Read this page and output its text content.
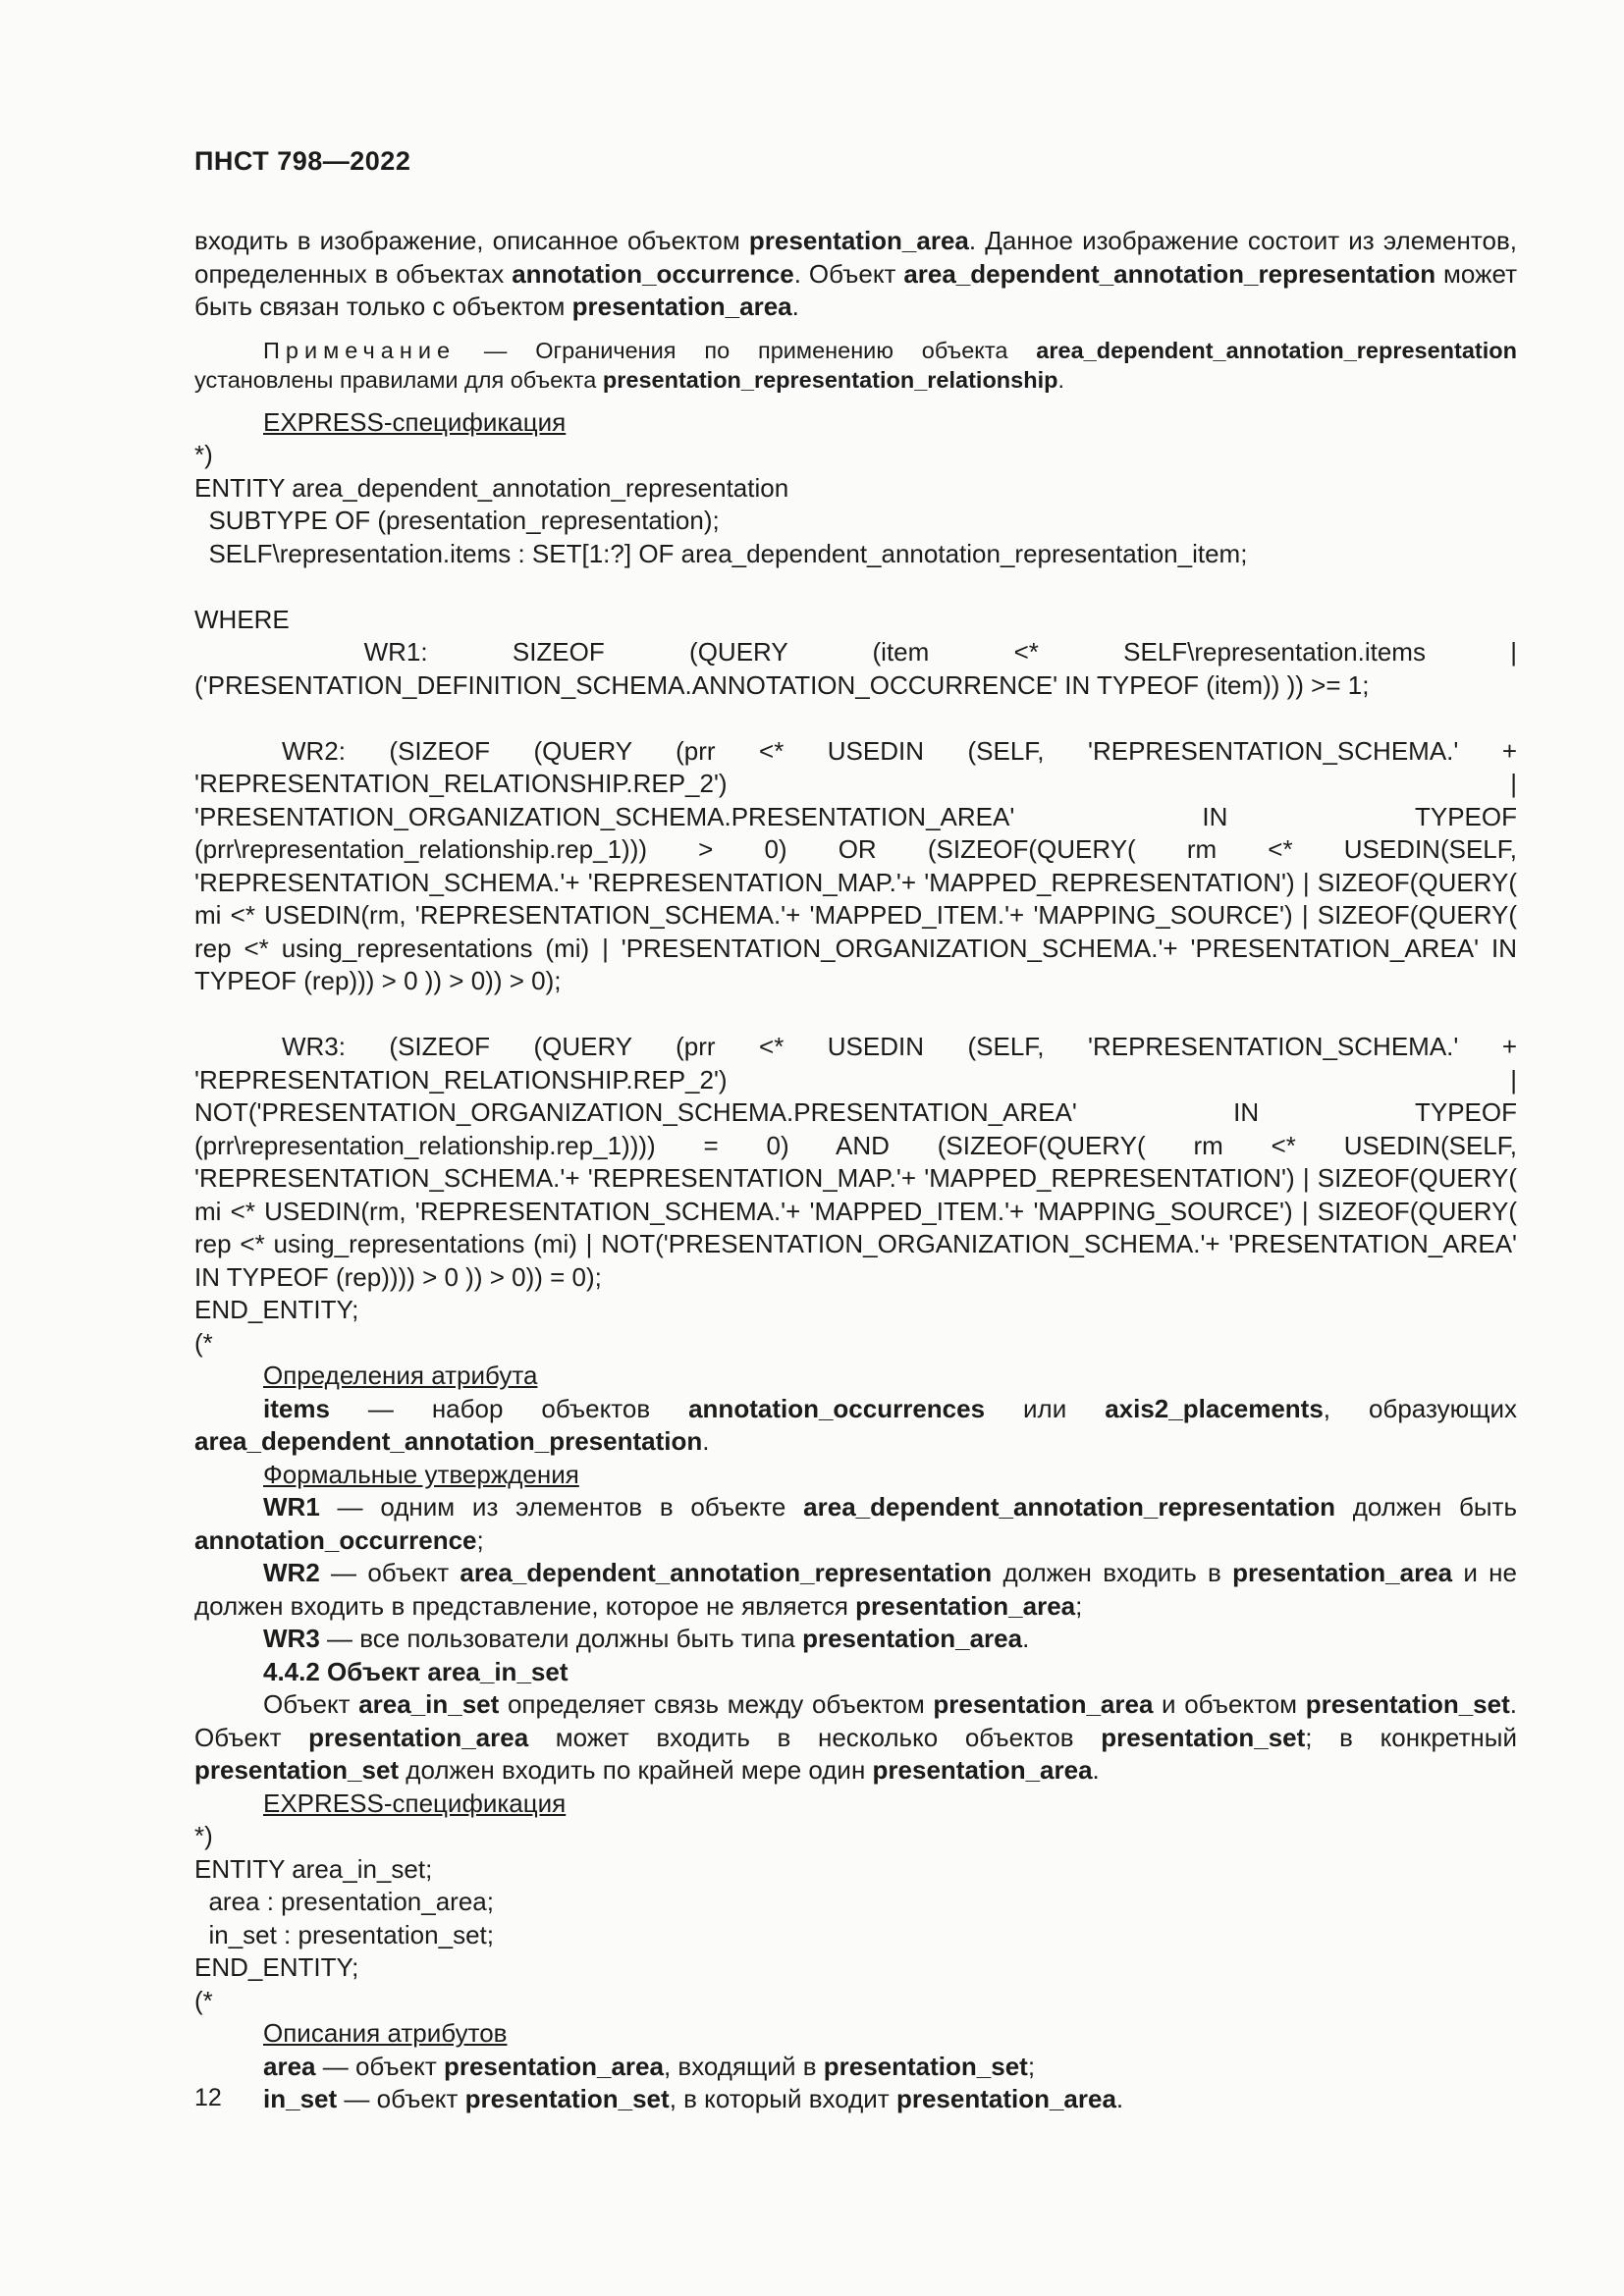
ПНСТ 798—2022

входить в изображение, описанное объектом presentation_area. Данное изображение состоит из элементов, определенных в объектах annotation_occurrence. Объект area_dependent_annotation_representation может быть связан только с объектом presentation_area.

Примечание — Ограничения по применению объекта area_dependent_annotation_representation установлены правилами для объекта presentation_representation_relationship.

EXPRESS-спецификация

*)

ENTITY area_dependent_annotation_representation

SUBTYPE OF (presentation_representation);

SELF\representation.items : SET[1:?] OF area_dependent_annotation_representation_item;

WHERE

WR1: SIZEOF (QUERY (item <* SELF\representation.items | ('PRESENTATION_DEFINITION_SCHEMA.ANNOTATION_OCCURRENCE' IN TYPEOF (item)) )) >= 1;

WR2: (SIZEOF (QUERY (prr <* USEDIN (SELF, 'REPRESENTATION_SCHEMA.' + 'REPRESENTATION_RELATIONSHIP.REP_2') | 'PRESENTATION_ORGANIZATION_SCHEMA.PRESENTATION_AREA' IN TYPEOF (prr\representation_relationship.rep_1))) > 0) OR (SIZEOF(QUERY( rm <* USEDIN(SELF, 'REPRESENTATION_SCHEMA.'+ 'REPRESENTATION_MAP.'+ 'MAPPED_REPRESENTATION') | SIZEOF(QUERY( mi <* USEDIN(rm, 'REPRESENTATION_SCHEMA.'+ 'MAPPED_ITEM.'+ 'MAPPING_SOURCE') | SIZEOF(QUERY( rep <* using_representations (mi) | 'PRESENTATION_ORGANIZATION_SCHEMA.'+ 'PRESENTATION_AREA' IN TYPEOF (rep))) > 0 )) > 0)) > 0);

WR3: (SIZEOF (QUERY (prr <* USEDIN (SELF, 'REPRESENTATION_SCHEMA.' + 'REPRESENTATION_RELATIONSHIP.REP_2') | NOT('PRESENTATION_ORGANIZATION_SCHEMA.PRESENTATION_AREA' IN TYPEOF (prr\representation_relationship.rep_1)))) = 0) AND (SIZEOF(QUERY( rm <* USEDIN(SELF, 'REPRESENTATION_SCHEMA.'+ 'REPRESENTATION_MAP.'+ 'MAPPED_REPRESENTATION') | SIZEOF(QUERY( mi <* USEDIN(rm, 'REPRESENTATION_SCHEMA.'+ 'MAPPED_ITEM.'+ 'MAPPING_SOURCE') | SIZEOF(QUERY( rep <* using_representations (mi) | NOT('PRESENTATION_ORGANIZATION_SCHEMA.'+ 'PRESENTATION_AREA' IN TYPEOF (rep)))) > 0 )) > 0)) = 0);

END_ENTITY;

(*

Определения атрибута

items — набор объектов annotation_occurrences или axis2_placements, образующих area_dependent_annotation_presentation.

Формальные утверждения

WR1 — одним из элементов в объекте area_dependent_annotation_representation должен быть annotation_occurrence;

WR2 — объект area_dependent_annotation_representation должен входить в presentation_area и не должен входить в представление, которое не является presentation_area;

WR3 — все пользователи должны быть типа presentation_area.

4.4.2 Объект area_in_set

Объект area_in_set определяет связь между объектом presentation_area и объектом presentation_set. Объект presentation_area может входить в несколько объектов presentation_set; в конкретный presentation_set должен входить по крайней мере один presentation_area.

EXPRESS-спецификация

*)

ENTITY area_in_set;

area : presentation_area;

in_set : presentation_set;

END_ENTITY;

(*

Описания атрибутов

area — объект presentation_area, входящий в presentation_set;

in_set — объект presentation_set, в который входит presentation_area.

12
